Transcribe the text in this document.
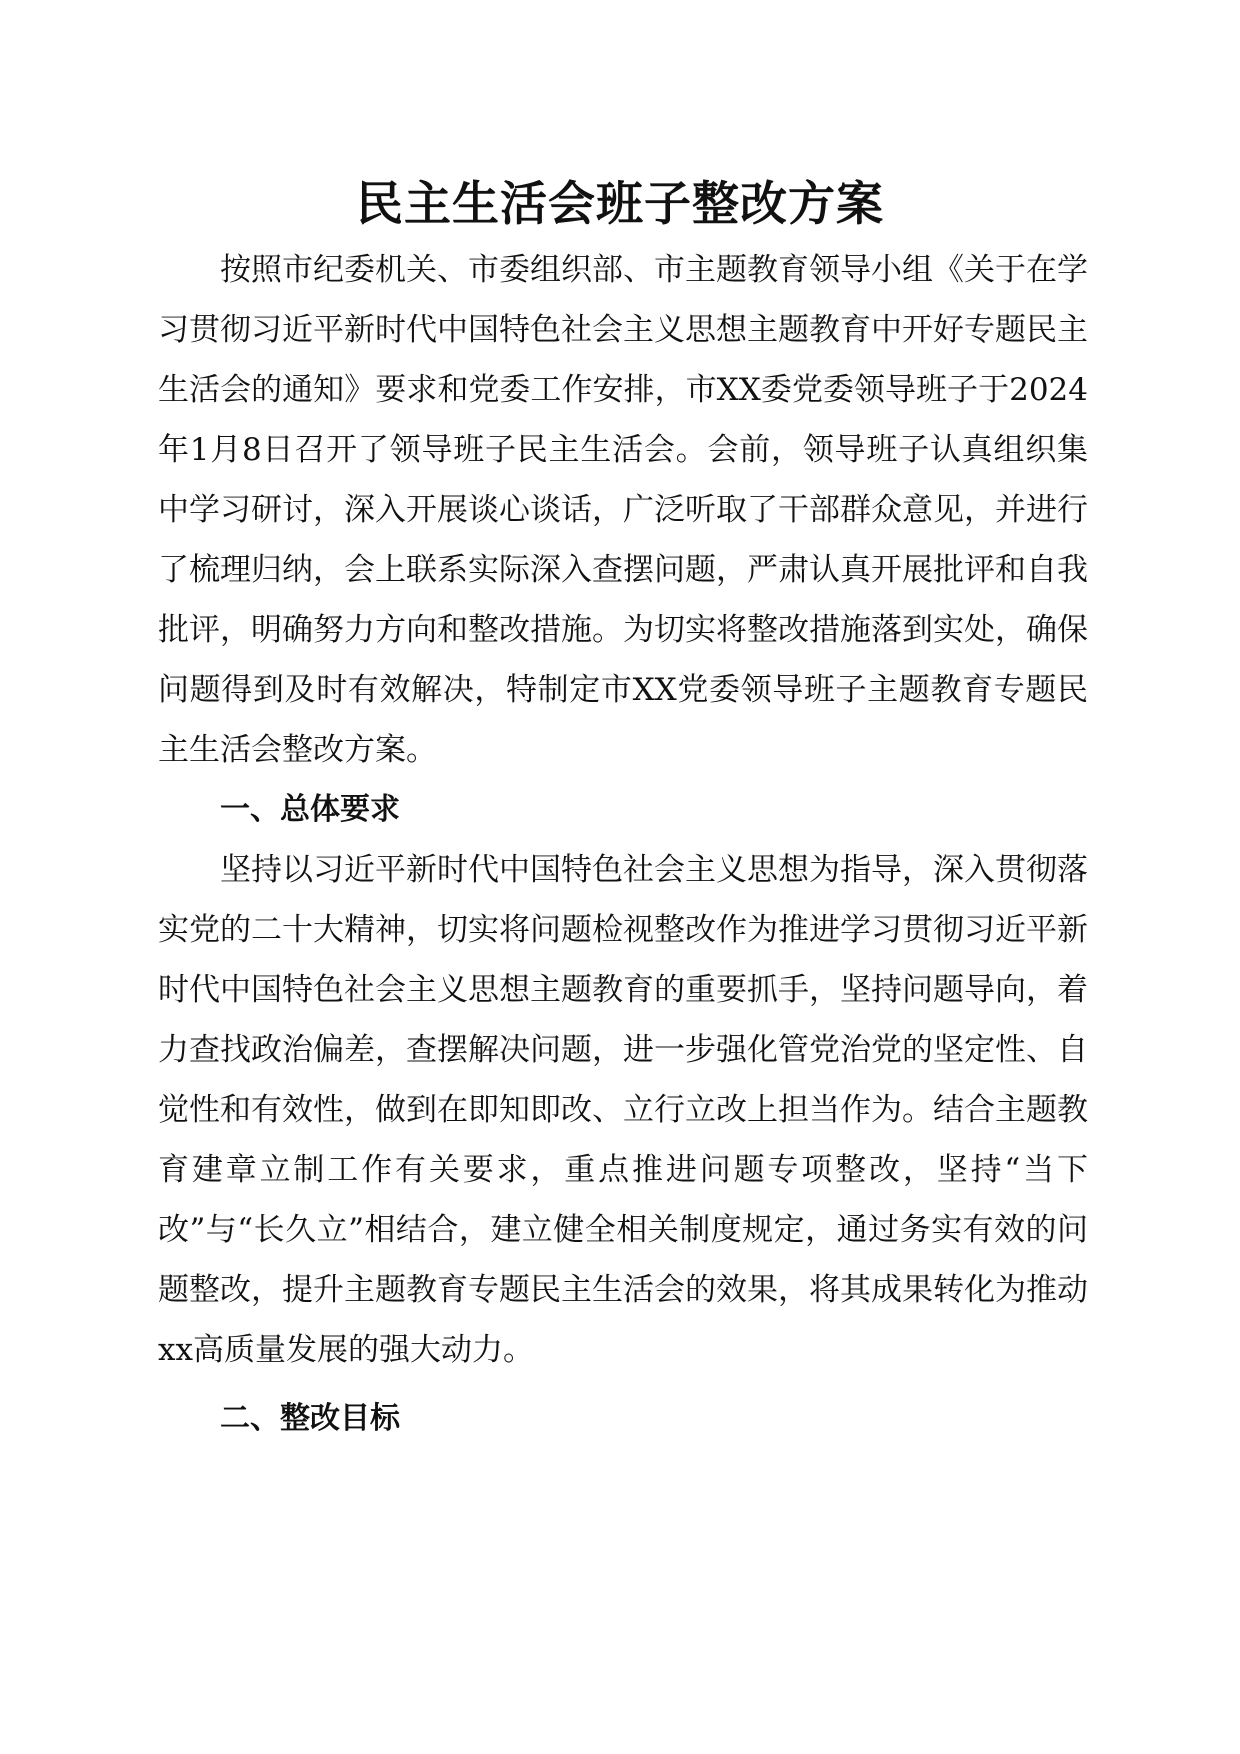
民主生活会班子整改方案

按照市纪委机关、市委组织部、市主题教育领导小组《关于在学习贯彻习近平新时代中国特色社会主义思想主题教育中开好专题民主生活会的通知》要求和党委工作安排，市XX委党委领导班子于2024年1月8日召开了领导班子民主生活会。会前，领导班子认真组织集中学习研讨，深入开展谈心谈话，广泛听取了干部群众意见，并进行了梳理归纳，会上联系实际深入查摆问题，严肃认真开展批评和自我批评，明确努力方向和整改措施。为切实将整改措施落到实处，确保问题得到及时有效解决，特制定市XX党委领导班子主题教育专题民主生活会整改方案。

一、总体要求

坚持以习近平新时代中国特色社会主义思想为指导，深入贯彻落实党的二十大精神，切实将问题检视整改作为推进学习贯彻习近平新时代中国特色社会主义思想主题教育的重要抓手，坚持问题导向，着力查找政治偏差，查摆解决问题，进一步强化管党治党的坚定性、自觉性和有效性，做到在即知即改、立行立改上担当作为。结合主题教育建章立制工作有关要求，重点推进问题专项整改，坚持“当下改”与“长久立”相结合，建立健全相关制度规定，通过务实有效的问题整改，提升主题教育专题民主生活会的效果，将其成果转化为推动xx高质量发展的强大动力。

二、整改目标
